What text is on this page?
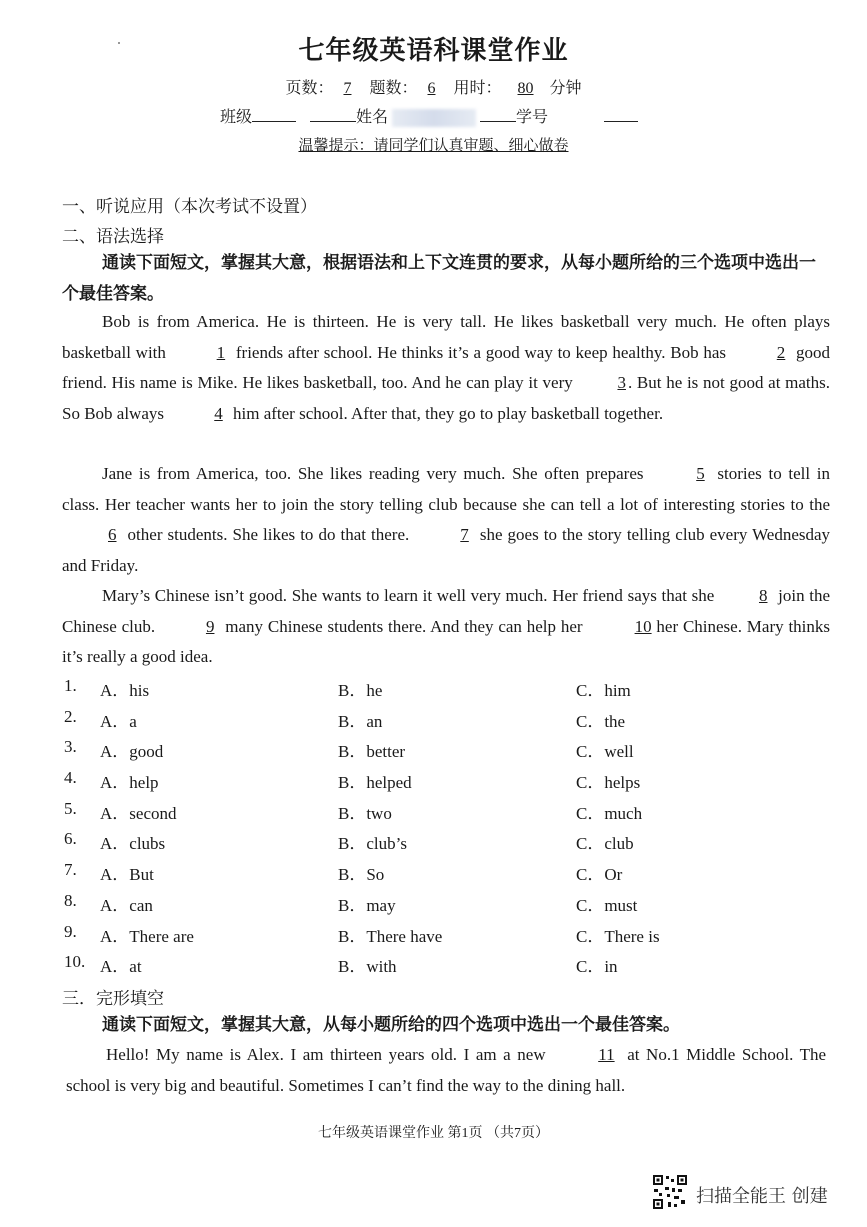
七年级英语科课堂作业
页数： 7 题数： 6 用时： 80 分钟
班级	姓名	学号
温馨提示：请同学们认真审题、细心做卷
一、听说应用（本次考试不设置）
二、语法选择
通读下面短文，掌握其大意，根据语法和上下文连贯的要求，从每小题所给的三个选项中选出一个最佳答案。
Bob is from America. He is thirteen. He is very tall. He likes basketball very much. He often plays basketball with	1 friends after school. He thinks it’s a good way to keep healthy. Bob has	2 good friend. His name is Mike. He likes basketball, too. And he can play it very	3 . But he is not good at maths. So Bob always	4 him after school. After that, they go to play basketball together.
Jane is from America, too. She likes reading very much. She often prepares	5 stories to tell in class. Her teacher wants her to join the story telling club because she can tell a lot of interesting stories to the 6 other students. She likes to do that there.	7 she goes to the story telling club every Wednesday and Friday.
Mary’s Chinese isn’t good. She wants to learn it well very much. Her friend says that she	8 join the Chinese club.	9 many Chinese students there. And they can help her	10 her Chinese. Mary thinks it’s really a good idea.
1. A．his	B．he	C．him
2. A．a	B．an	C．the
3. A．good	B．better	C．well
4. A．help	B．helped	C．helps
5. A．second	B．two	C．much
6. A．clubs	B．club’s	C．club
7. A．But	B．So	C．Or
8. A．can	B．may	C．must
9. A．There are	B．There have	C．There is
10. A．at	B．with	C．in
三．完形填空
通读下面短文，掌握其大意，从每小题所给的四个选项中选出一个最佳答案。
Hello! My name is Alex. I am thirteen years old. I am a new	11 at No.1 Middle School. The school is very big and beautiful. Sometimes I can’t find the way to the dining hall.
七年级英语课堂作业 第1页 （共7页）
扫描全能王 创建
